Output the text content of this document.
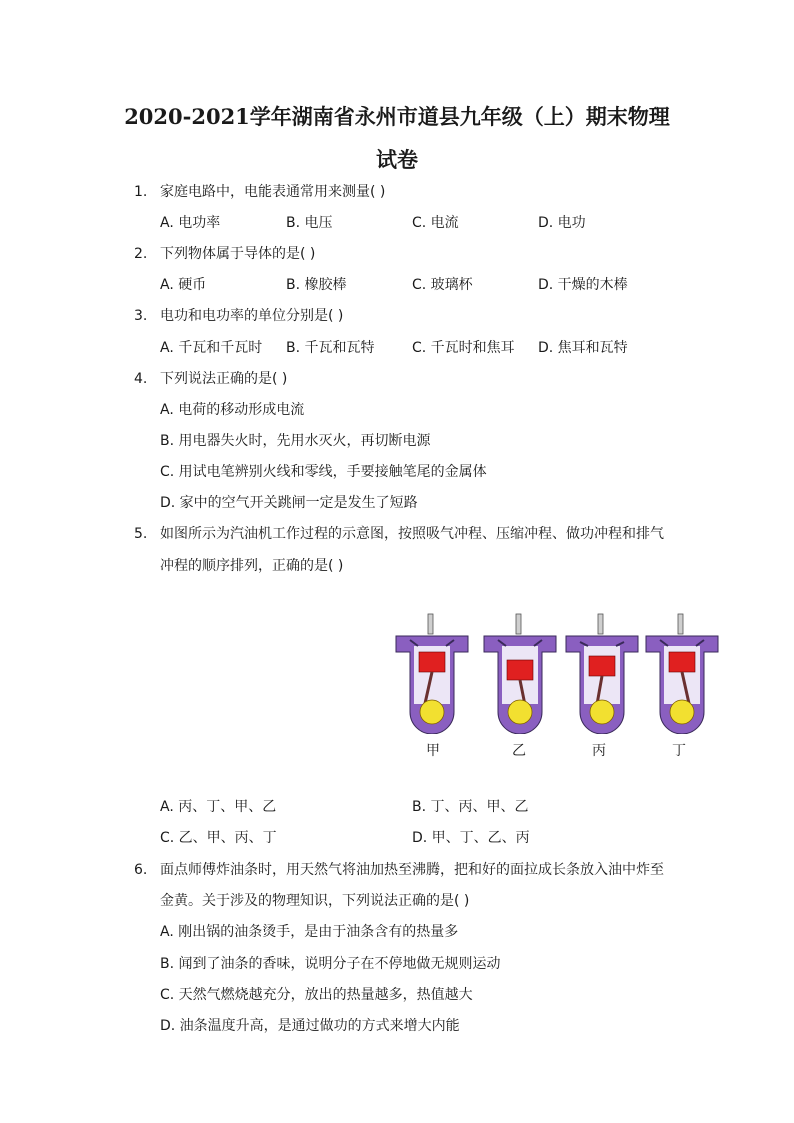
2020-2021学年湖南省永州市道县九年级（上）期末物理
试卷
1. 家庭电路中，电能表通常用来测量( )
A. 电功率	B. 电压	C. 电流	D. 电功
2. 下列物体属于导体的是( )
A. 硬币	B. 橡胶棒	C. 玻璃杯	D. 干燥的木棒
3. 电功和电功率的单位分别是( )
A. 千瓦和千瓦时 B. 千瓦和瓦特	C. 千瓦时和焦耳 D. 焦耳和瓦特
4. 下列说法正确的是( )
A. 电荷的移动形成电流
B. 用电器失火时，先用水灭火，再切断电源
C. 用试电笔辨别火线和零线，手要接触笔尾的金属体
D. 家中的空气开关跳闸一定是发生了短路
5. 如图所示为汽油机工作过程的示意图，按照吸气冲程、压缩冲程、做功冲程和排气
冲程的顺序排列，正确的是( )
甲	乙	丙	丁
A. 丙、丁、甲、乙	B. 丁、丙、甲、乙
C. 乙、甲、丙、丁	D. 甲、丁、乙、丙
6. 面点师傅炸油条时，用天然气将油加热至沸腾，把和好的面拉成长条放入油中炸至
金黄。关于涉及的物理知识，下列说法正确的是( )
A. 刚出锅的油条烫手，是由于油条含有的热量多
B. 闻到了油条的香味，说明分子在不停地做无规则运动
C. 天然气燃烧越充分，放出的热量越多，热值越大
D. 油条温度升高，是通过做功的方式来增大内能
